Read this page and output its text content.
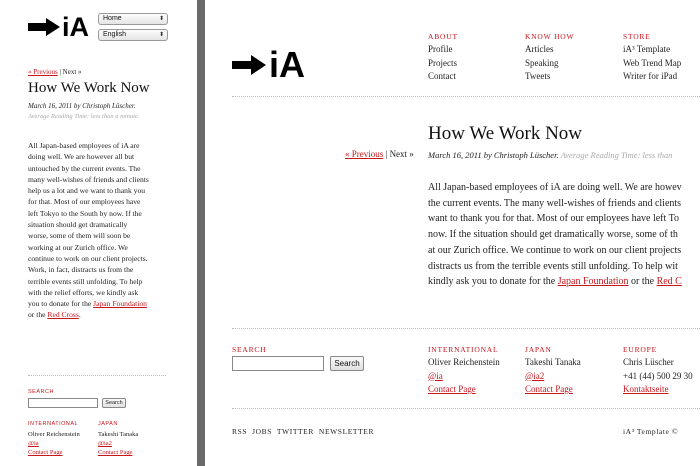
iA	Home	⬍
English	⬍
« Previous | Next »
How We Work Now
March 16, 2011 by Christoph Lüscher.
Average Reading Time: less than a minute.
All Japan-based employees of iA are
doing well. We are however all but
untouched by the current events. The
many well-wishes of friends and clients
help us a lot and we want to thank you
for that. Most of our employees have
left Tokyo to the South by now. If the
situation should get dramatically
worse, some of them will soon be
working at our Zurich office. We
continue to work on our client projects.
Work, in fact, distracts us from the
terrible events still unfolding. To help
with the relief efforts, we kindly ask
you to donate for the Japan Foundation
or the Red Cross.
SEARCH
Search
INTERNATIONAL
Oliver Reichenstein
@ia
Contact Page
JAPAN
Takeshi Tanaka
@ia2
Contact Page
iA
ABOUT
Profile
Projects
Contact
KNOW HOW
Articles
Speaking
Tweets
STORE
iA³ Template
Web Trend Map
Writer for iPad
How We Work Now
« Previous | Next » March 16, 2011 by Christoph Lüscher. Average Reading Time: less than
All Japan-based employees of iA are doing well. We are howev
the current events. The many well-wishes of friends and clients
want to thank you for that. Most of our employees have left To
now. If the situation should get dramatically worse, some of th
at our Zurich office. We continue to work on our client projects
distracts us from the terrible events still unfolding. To help wit
kindly ask you to donate for the Japan Foundation or the Red C
SEARCH
Search
INTERNATIONAL
Oliver Reichenstein
@ia
Contact Page
JAPAN
Takeshi Tanaka
@ia2
Contact Page
EUROPE
Chris Lüscher
+41 (44) 500 29 30
Kontaktseite
RSS JOBS TWITTER NEWSLETTER	iA³ Template ©
